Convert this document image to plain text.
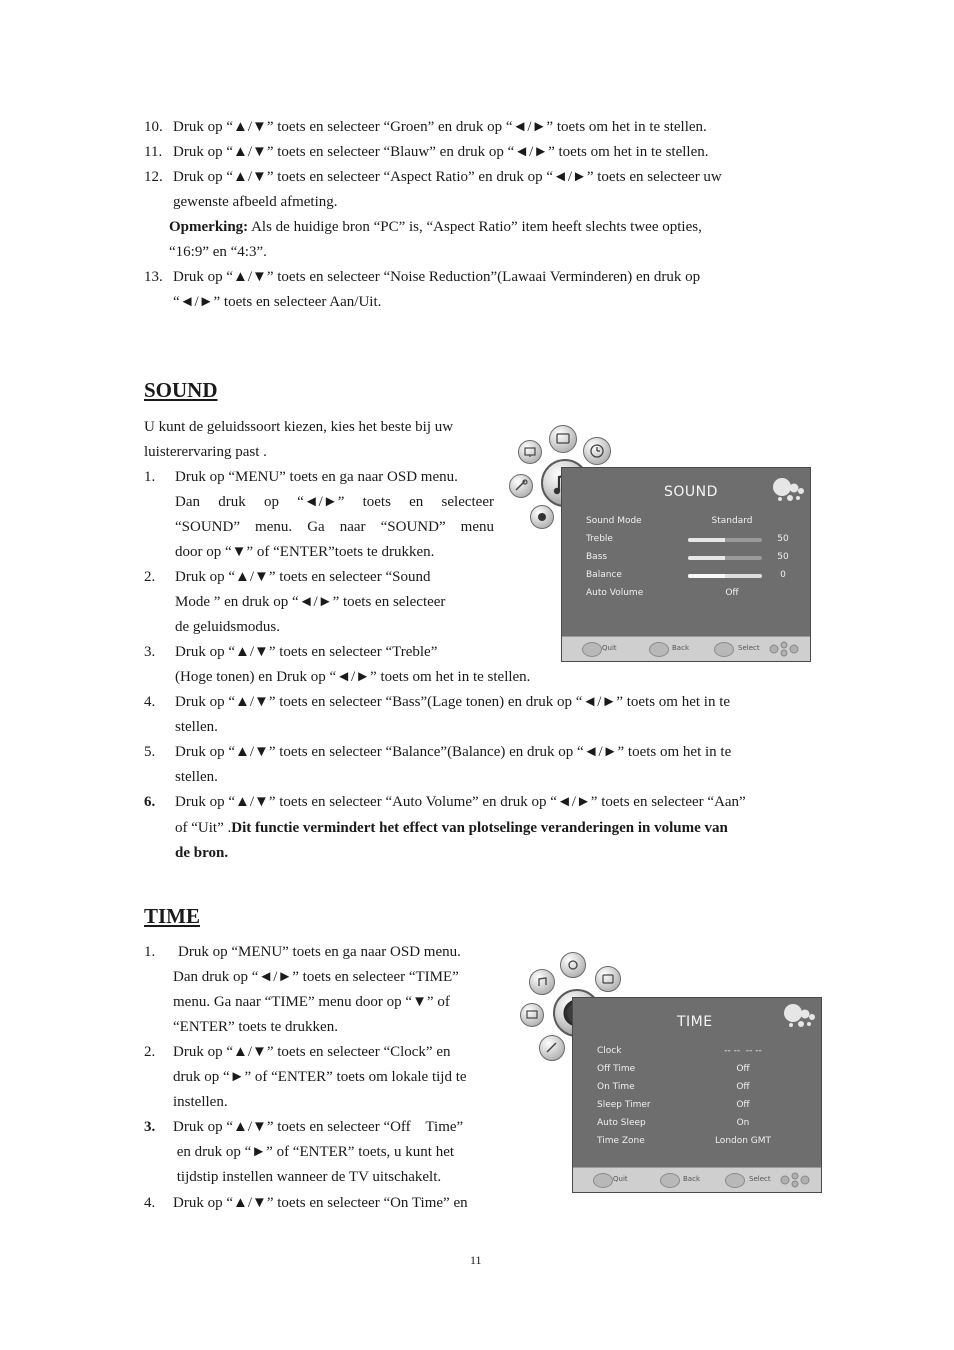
10. Druk op “▲/▼” toets en selecteer “Groen” en druk op “◄/►” toets om het in te stellen.
11. Druk op “▲/▼” toets en selecteer “Blauw” en druk op “◄/►” toets om het in te stellen.
12. Druk op “▲/▼” toets en selecteer “Aspect Ratio” en druk op “◄/►” toets en selecteer uw
gewenste afbeeld afmeting.
Opmerking: Als de huidige bron “PC” is, “Aspect Ratio” item heeft slechts twee opties,
“16:9” en “4:3”.
13. Druk op “▲/▼” toets en selecteer “Noise Reduction”(Lawaai Verminderen) en druk op
“◄/►” toets en selecteer Aan/Uit.
SOUND
U kunt de geluidssoort kiezen, kies het beste bij uw
luisterervaring past .
1. Druk op “MENU” toets en ga naar OSD menu.
Dan druk op “◄/►” toets en selecteer
“SOUND” menu. Ga naar “SOUND” menu
door op “▼” of “ENTER”toets te drukken.
2. Druk op “▲/▼” toets en selecteer “Sound
Mode ” en druk op “◄/►” toets en selecteer
de geluidsmodus.
3. Druk op “▲/▼” toets en selecteer “Treble”
(Hoge tonen) en Druk op “◄/►” toets om het in te stellen.
4. Druk op “▲/▼” toets en selecteer “Bass”(Lage tonen) en druk op “◄/►” toets om het in te
stellen.
5. Druk op “▲/▼” toets en selecteer “Balance”(Balance) en druk op “◄/►” toets om het in te
stellen.
6. Druk op “▲/▼” toets en selecteer “Auto Volume” en druk op “◄/►” toets en selecteer “Aan”
of “Uit” .Dit functie vermindert het effect van plotselinge veranderingen in volume van
de bron.
SOUND
Sound Mode	Standard
Treble	50
Bass	50
Balance	0
Auto Volume	Off
Quit	Back	Select
TIME
1. Druk op “MENU” toets en ga naar OSD menu.
Dan druk op “◄/►” toets en selecteer “TIME”
menu. Ga naar “TIME” menu door op “▼” of
“ENTER” toets te drukken.
2. Druk op “▲/▼” toets en selecteer “Clock” en
druk op “►” of “ENTER” toets om lokale tijd te
instellen.
3. Druk op “▲/▼” toets en selecteer “Off    Time”
en druk op “►” of “ENTER” toets, u kunt het
tijdstip instellen wanneer de TV uitschakelt.
4. Druk op “▲/▼” toets en selecteer “On Time” en
TIME
Clock	-- --  -- --
Off Time	Off
On Time	Off
Sleep Timer	Off
Auto Sleep	On
Time Zone	London GMT
Quit	Back	Select
11
